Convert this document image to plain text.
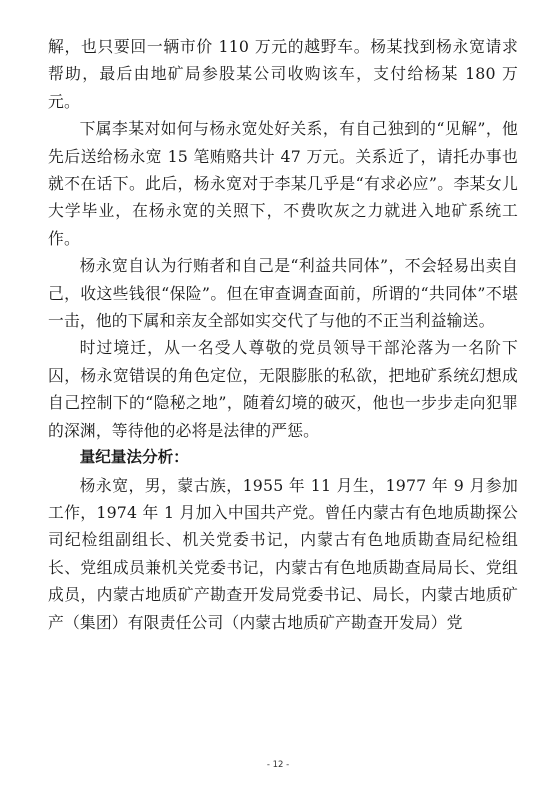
解，也只要回一辆市价 110 万元的越野车。杨某找到杨永宽请求帮助，最后由地矿局参股某公司收购该车，支付给杨某 180 万元。

下属李某对如何与杨永宽处好关系，有自己独到的“见解”，他先后送给杨永宽 15 笔贿赂共计 47 万元。关系近了，请托办事也就不在话下。此后，杨永宽对于李某几乎是“有求必应”。李某女儿大学毕业，在杨永宽的关照下，不费吹灰之力就进入地矿系统工作。

杨永宽自认为行贿者和自己是“利益共同体”，不会轻易出卖自己，收这些钱很“保险”。但在审查调查面前，所谓的“共同体”不堪一击，他的下属和亲友全部如实交代了与他的不正当利益输送。

时过境迁，从一名受人尊敬的党员领导干部沦落为一名阶下囚，杨永宽错误的角色定位，无限膨胀的私欲，把地矿系统幻想成自己控制下的“隐秘之地”，随着幻境的破灭，他也一步步走向犯罪的深渊，等待他的必将是法律的严惩。

量纪量法分析：

杨永宽，男，蒙古族，1955 年 11 月生，1977 年 9 月参加工作，1974 年 1 月加入中国共产党。曾任内蒙古有色地质勘探公司纪检组副组长、机关党委书记，内蒙古有色地质勘查局纪检组长、党组成员兼机关党委书记，内蒙古有色地质勘查局局长、党组成员，内蒙古地质矿产勘查开发局党委书记、局长，内蒙古地质矿产（集团）有限责任公司（内蒙古地质矿产勘查开发局）党

- 12 -
